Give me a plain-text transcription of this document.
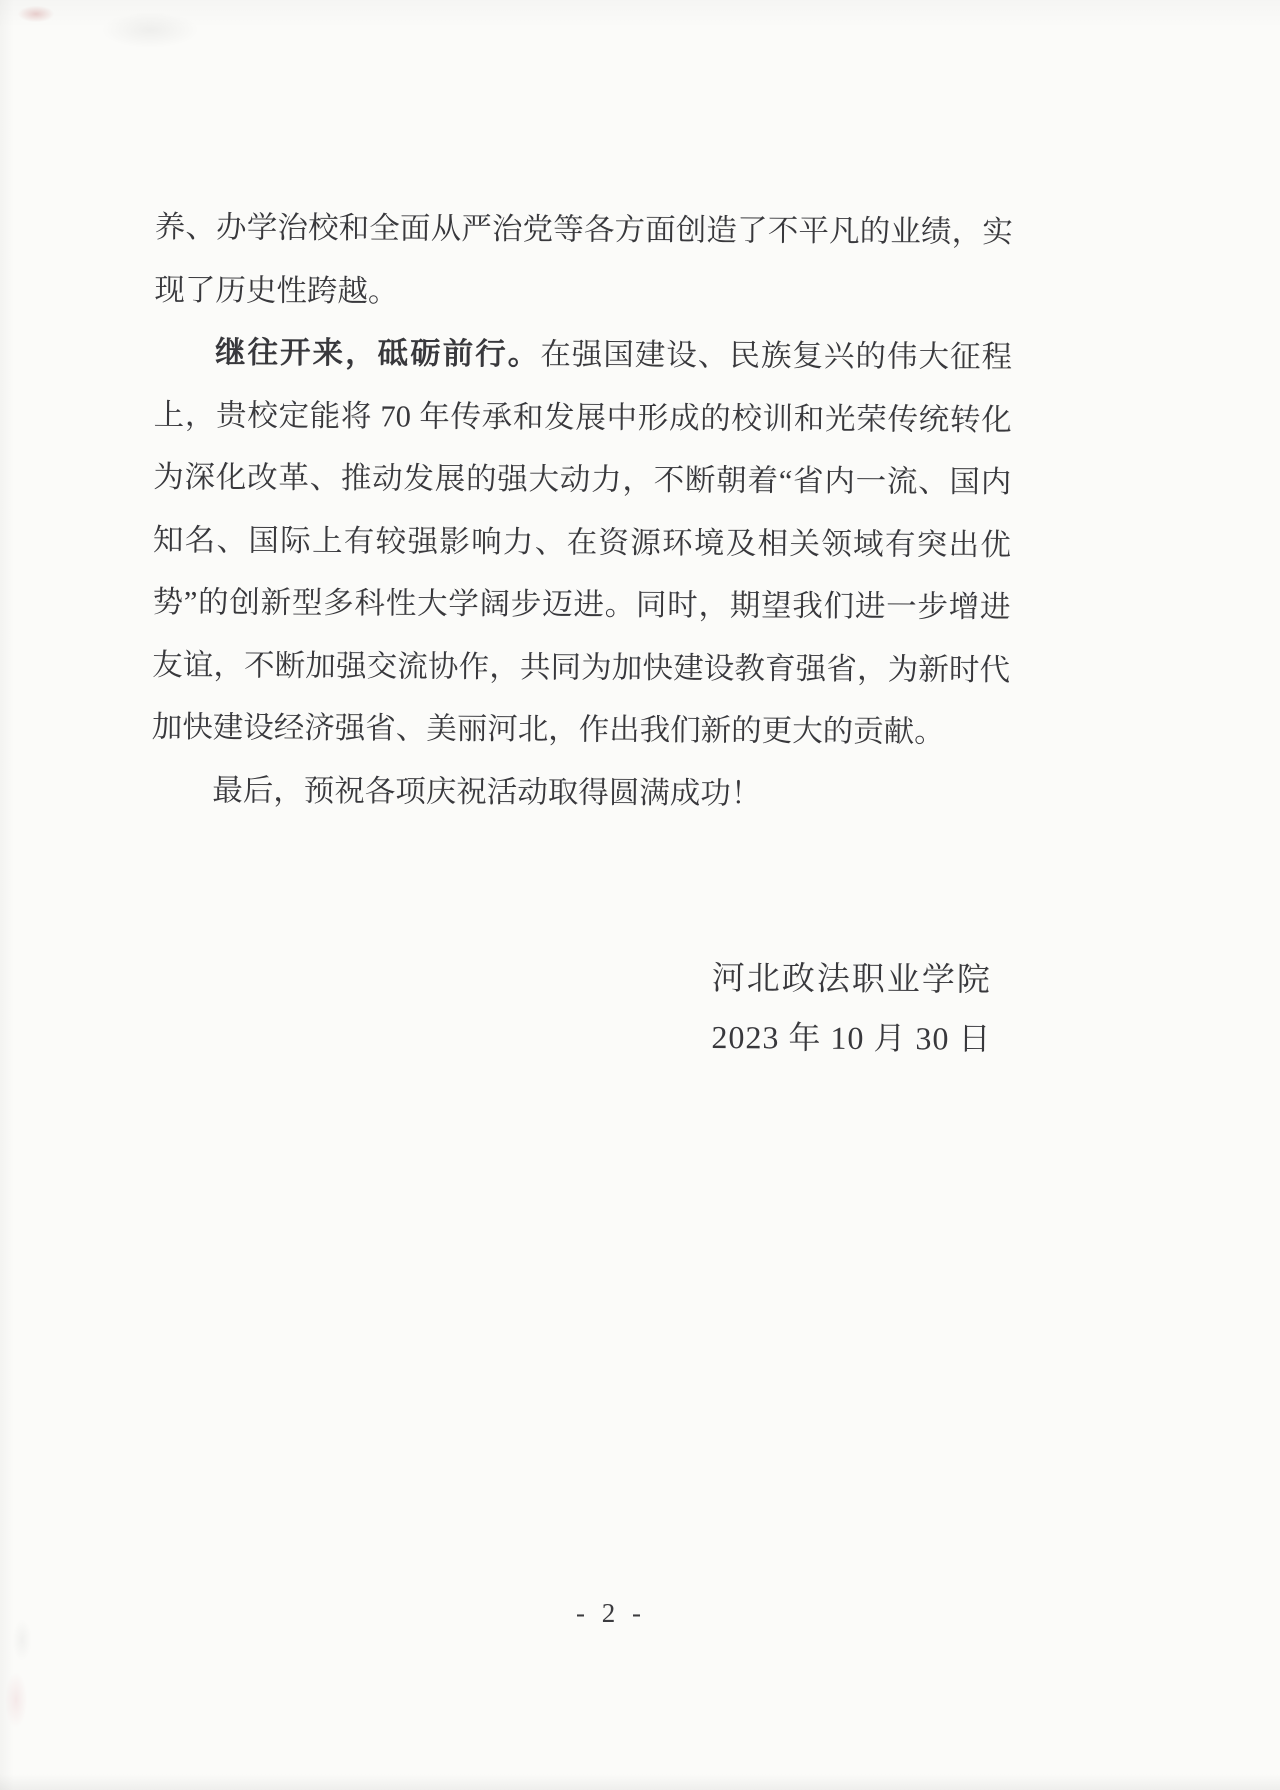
养、办学治校和全面从严治党等各方面创造了不平凡的业绩，实现了历史性跨越。

继往开来，砥砺前行。在强国建设、民族复兴的伟大征程上，贵校定能将 70 年传承和发展中形成的校训和光荣传统转化为深化改革、推动发展的强大动力，不断朝着“省内一流、国内知名、国际上有较强影响力、在资源环境及相关领域有突出优势”的创新型多科性大学阔步迈进。同时，期望我们进一步增进友谊，不断加强交流协作，共同为加快建设教育强省，为新时代加快建设经济强省、美丽河北，作出我们新的更大的贡献。

最后，预祝各项庆祝活动取得圆满成功！

河北政法职业学院
2023 年 10 月 30 日
- 2 -
